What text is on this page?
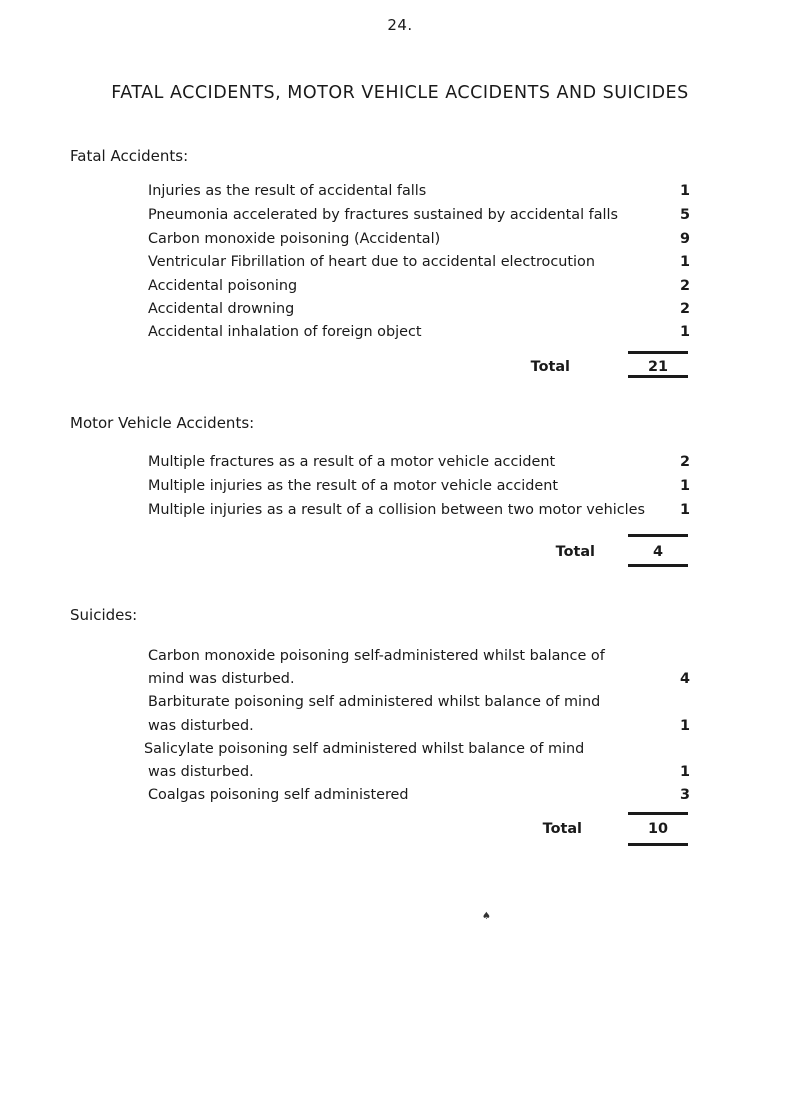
24.
FATAL ACCIDENTS, MOTOR VEHICLE ACCIDENTS AND SUICIDES
Fatal Accidents:
Injuries as the result of accidental falls	1
Pneumonia accelerated by fractures sustained by accidental falls	5
Carbon monoxide poisoning (Accidental)	9
Ventricular Fibrillation of heart due to accidental electrocution	1
Accidental poisoning	2
Accidental drowning	2
Accidental inhalation of foreign object	1
Total	21
Motor Vehicle Accidents:
Multiple fractures as a result of a motor vehicle accident	2
Multiple injuries as the result of a motor vehicle accident	1
Multiple injuries as a result of a collision between two motor vehicles	1
Total	4
Suicides:
Carbon monoxide poisoning self-administered whilst balance of
mind was disturbed.	4
Barbiturate poisoning self administered whilst balance of mind
was disturbed.	1
Salicylate poisoning self administered whilst balance of mind
was disturbed.	1
Coalgas poisoning self administered	3
Total	10
♠
